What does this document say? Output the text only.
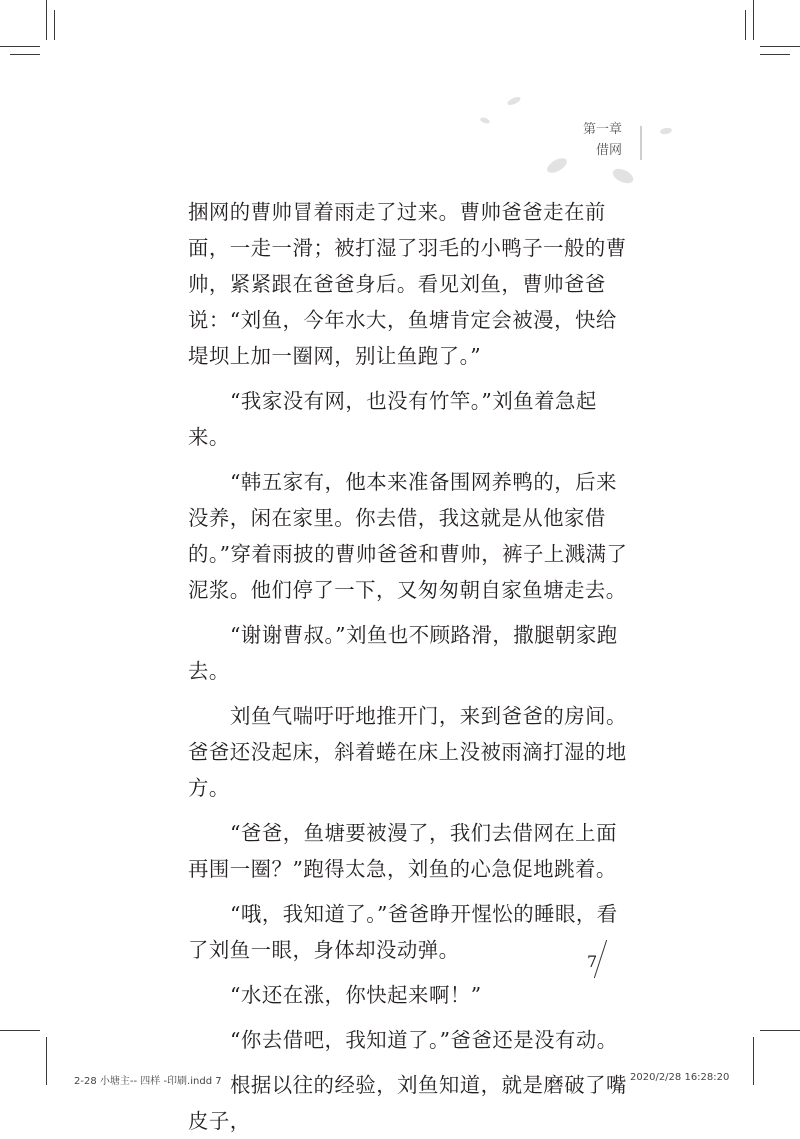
第一章
借网

捆网的曹帅冒着雨走了过来。曹帅爸爸走在前面，一走一滑；被打湿了羽毛的小鸭子一般的曹帅，紧紧跟在爸爸身后。看见刘鱼，曹帅爸爸说：“刘鱼，今年水大，鱼塘肯定会被漫，快给堤坝上加一圈网，别让鱼跑了。”

“我家没有网，也没有竹竿。”刘鱼着急起来。

“韩五家有，他本来准备围网养鸭的，后来没养，闲在家里。你去借，我这就是从他家借的。”穿着雨披的曹帅爸爸和曹帅，裤子上溅满了泥浆。他们停了一下，又匆匆朝自家鱼塘走去。

“谢谢曹叔。”刘鱼也不顾路滑，撒腿朝家跑去。

刘鱼气喘吁吁地推开门，来到爸爸的房间。爸爸还没起床，斜着蜷在床上没被雨滴打湿的地方。

“爸爸，鱼塘要被漫了，我们去借网在上面再围一圈？”跑得太急，刘鱼的心急促地跳着。

“哦，我知道了。”爸爸睁开惺忪的睡眼，看了刘鱼一眼，身体却没动弹。

“水还在涨，你快起来啊！”

“你去借吧，我知道了。”爸爸还是没有动。

根据以往的经验，刘鱼知道，就是磨破了嘴皮子，

7
2-28 小塘主-- 四样 -印刷.indd 7	2020/2/28 16:28:20
